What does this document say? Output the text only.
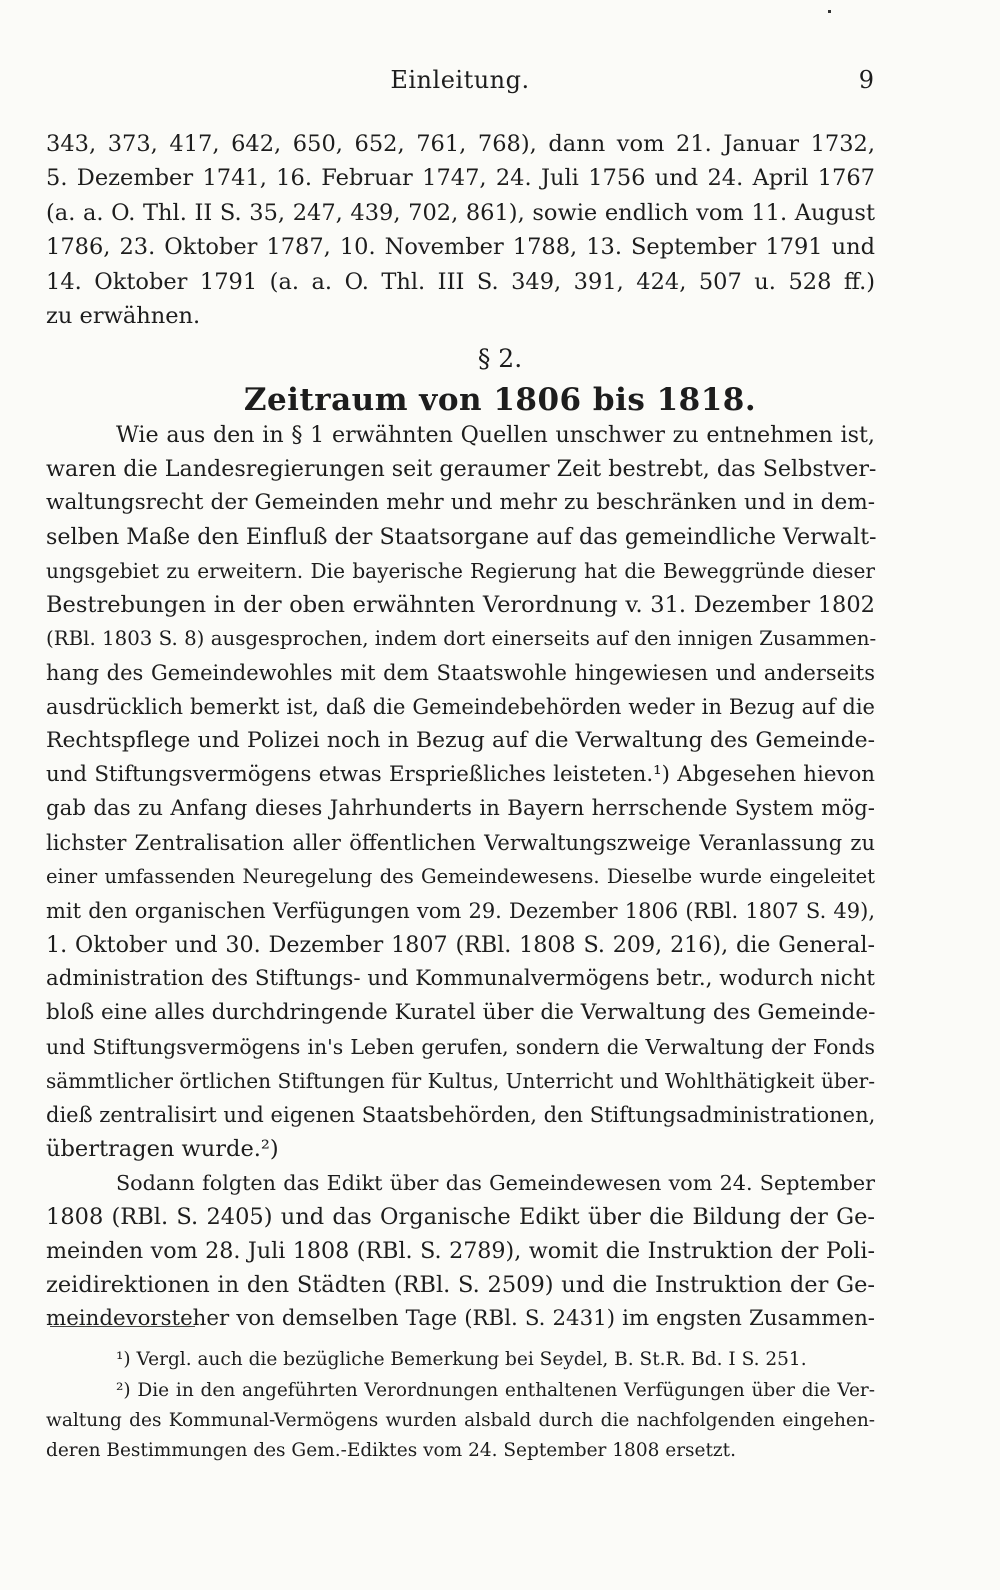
Einleitung.	9
343, 373, 417, 642, 650, 652, 761, 768), dann vom 21. Januar 1732,
5. Dezember 1741, 16. Februar 1747, 24. Juli 1756 und 24. April 1767
(a. a. O. Thl. II S. 35, 247, 439, 702, 861), sowie endlich vom 11. August
1786, 23. Oktober 1787, 10. November 1788, 13. September 1791 und
14. Oktober 1791 (a. a. O. Thl. III S. 349, 391, 424, 507 u. 528 ff.)
zu erwähnen.
§ 2.
Zeitraum von 1806 bis 1818.
Wie aus den in § 1 erwähnten Quellen unschwer zu entnehmen ist,
waren die Landesregierungen seit geraumer Zeit bestrebt, das Selbstver-
waltungsrecht der Gemeinden mehr und mehr zu beschränken und in dem-
selben Maße den Einfluß der Staatsorgane auf das gemeindliche Verwalt-
ungsgebiet zu erweitern. Die bayerische Regierung hat die Beweggründe dieser
Bestrebungen in der oben erwähnten Verordnung v. 31. Dezember 1802
(RBl. 1803 S. 8) ausgesprochen, indem dort einerseits auf den innigen Zusammen-
hang des Gemeindewohles mit dem Staatswohle hingewiesen und anderseits
ausdrücklich bemerkt ist, daß die Gemeindebehörden weder in Bezug auf die
Rechtspflege und Polizei noch in Bezug auf die Verwaltung des Gemeinde-
und Stiftungsvermögens etwas Ersprießliches leisteten.¹) Abgesehen hievon
gab das zu Anfang dieses Jahrhunderts in Bayern herrschende System mög-
lichster Zentralisation aller öffentlichen Verwaltungszweige Veranlassung zu
einer umfassenden Neuregelung des Gemeindewesens. Dieselbe wurde eingeleitet
mit den organischen Verfügungen vom 29. Dezember 1806 (RBl. 1807 S. 49),
1. Oktober und 30. Dezember 1807 (RBl. 1808 S. 209, 216), die General-
administration des Stiftungs- und Kommunalvermögens betr., wodurch nicht
bloß eine alles durchdringende Kuratel über die Verwaltung des Gemeinde-
und Stiftungsvermögens in's Leben gerufen, sondern die Verwaltung der Fonds
sämmtlicher örtlichen Stiftungen für Kultus, Unterricht und Wohlthätigkeit über-
dieß zentralisirt und eigenen Staatsbehörden, den Stiftungsadministrationen,
übertragen wurde.²)
Sodann folgten das Edikt über das Gemeindewesen vom 24. September
1808 (RBl. S. 2405) und das Organische Edikt über die Bildung der Ge-
meinden vom 28. Juli 1808 (RBl. S. 2789), womit die Instruktion der Poli-
zeidirektionen in den Städten (RBl. S. 2509) und die Instruktion der Ge-
meindevorsteher von demselben Tage (RBl. S. 2431) im engsten Zusammen-
¹) Vergl. auch die bezügliche Bemerkung bei Seydel, B. St.R. Bd. I S. 251.
²) Die in den angeführten Verordnungen enthaltenen Verfügungen über die Ver-
waltung des Kommunal-Vermögens wurden alsbald durch die nachfolgenden eingehen-
deren Bestimmungen des Gem.-Ediktes vom 24. September 1808 ersetzt.
